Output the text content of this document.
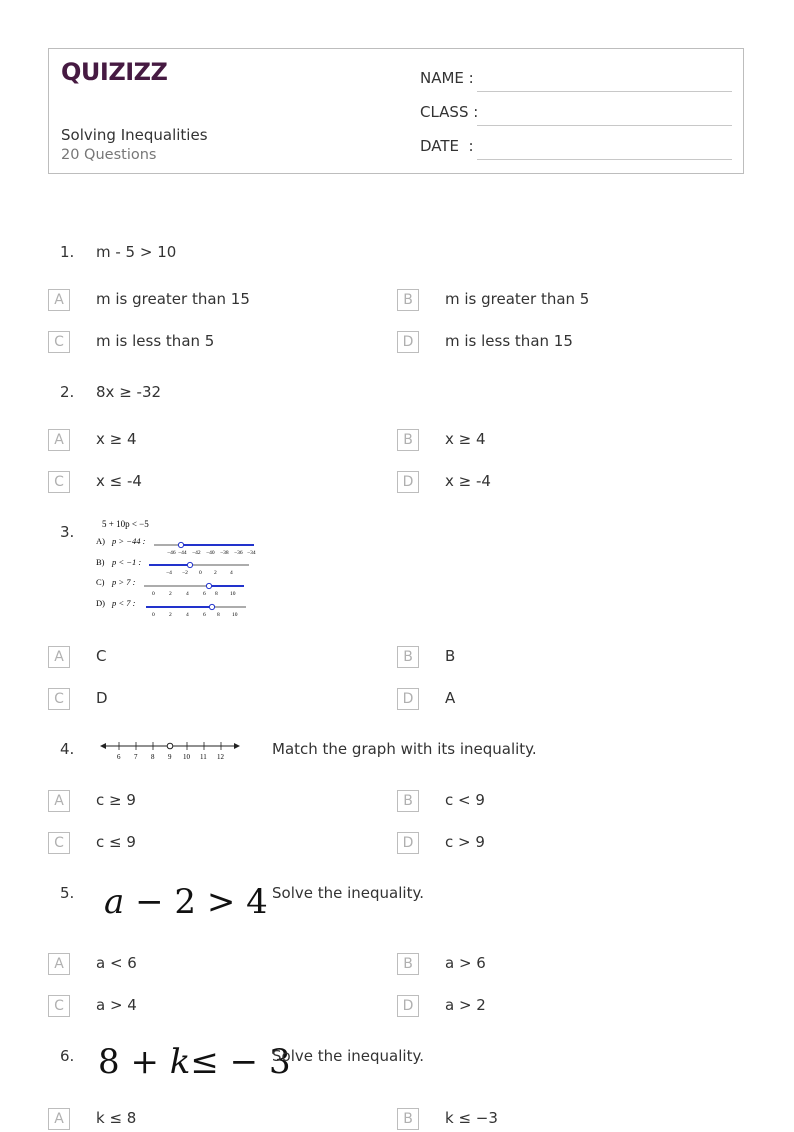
QUIZIZZ
Solving Inequalities
20 Questions
NAME :
CLASS :
DATE  :
1. m - 5 > 10
A	m is greater than 15	B	m is greater than 5
C	m is less than 5	D	m is less than 15
2. 8x ≥ -32
A	x ≥ 4	B	x ≥ 4
C	x ≤ -4	D	x ≥ -4
3.	5 + 10p < −5
A) p > −44 :
−46 −44 −42 −40 −38 −36 −34
B) p < −1 :
−4 −2 0 2 4
C) p > 7 :
0	2	4	6 8 10
D) p < 7 :
0	2	4	6 8 10
A	C	B	B
C	D	D	A
4.	6 7 8 9 10 11 12	Match the graph with its inequality.
A	c ≥ 9	B	c < 9
C	c ≤ 9	D	c > 9
5. a − 2 > 4 Solve the inequality.
A	a < 6	B	a > 6
C	a > 4	D	a > 2
6. 8 + k≤ − 3
Solve the inequality.
A	k ≤ 8	B	k ≤ −3
